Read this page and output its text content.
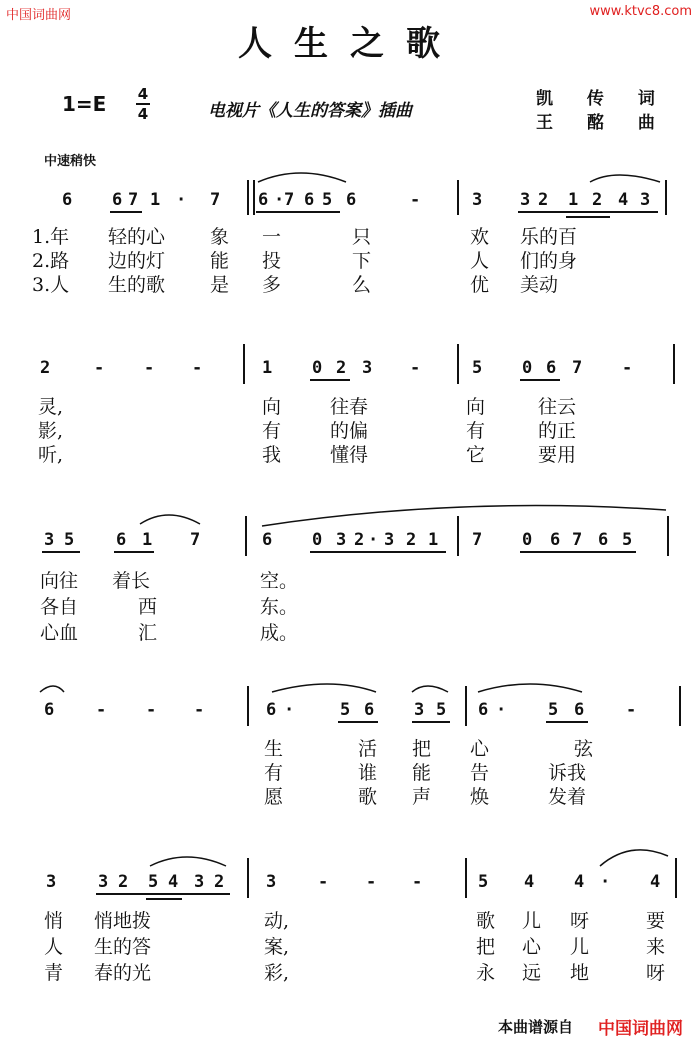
中国词曲网	www.ktvc8.com
人生之歌
1=E 4
4	电视片《人生的答案》插曲
凯 传 词
王 酩 曲
中速稍快
6 6 7 1 · 7 6 · 7 6 5 6	-	3 3 2 1 2 4 3
1.年 轻的心 象 一	只	欢 乐的百
2.路 边的灯 能 投	下	人 们的身
3.人 生的歌 是 多	么	优 美动
2	- - -	1 0 2 3 -	5 0 6 7 -
灵,	向	往春	向	往云
影,	有	的偏	有	的正
听,	我	懂得	它	要用
3 5 6 1 7	6 0 3 2 · 3 2 1 7 0 6 7 6 5
向往 着长	空。
各自	西	东。
心血	汇	成。
6 - - -	6 ·	5 6 3 5 6 · 5 6 -
生	活 把 心	弦
有	谁 能 告	诉我
愿	歌 声 焕	发着
3 3 2 5 4 3 2 3 - - -	5 4 4 · 4
悄 悄地拨	动,	歌 儿 呀	要
人 生的答	案,	把 心 儿	来
青 春的光	彩,	永 远 地	呀
本曲谱源自 中国词曲网
